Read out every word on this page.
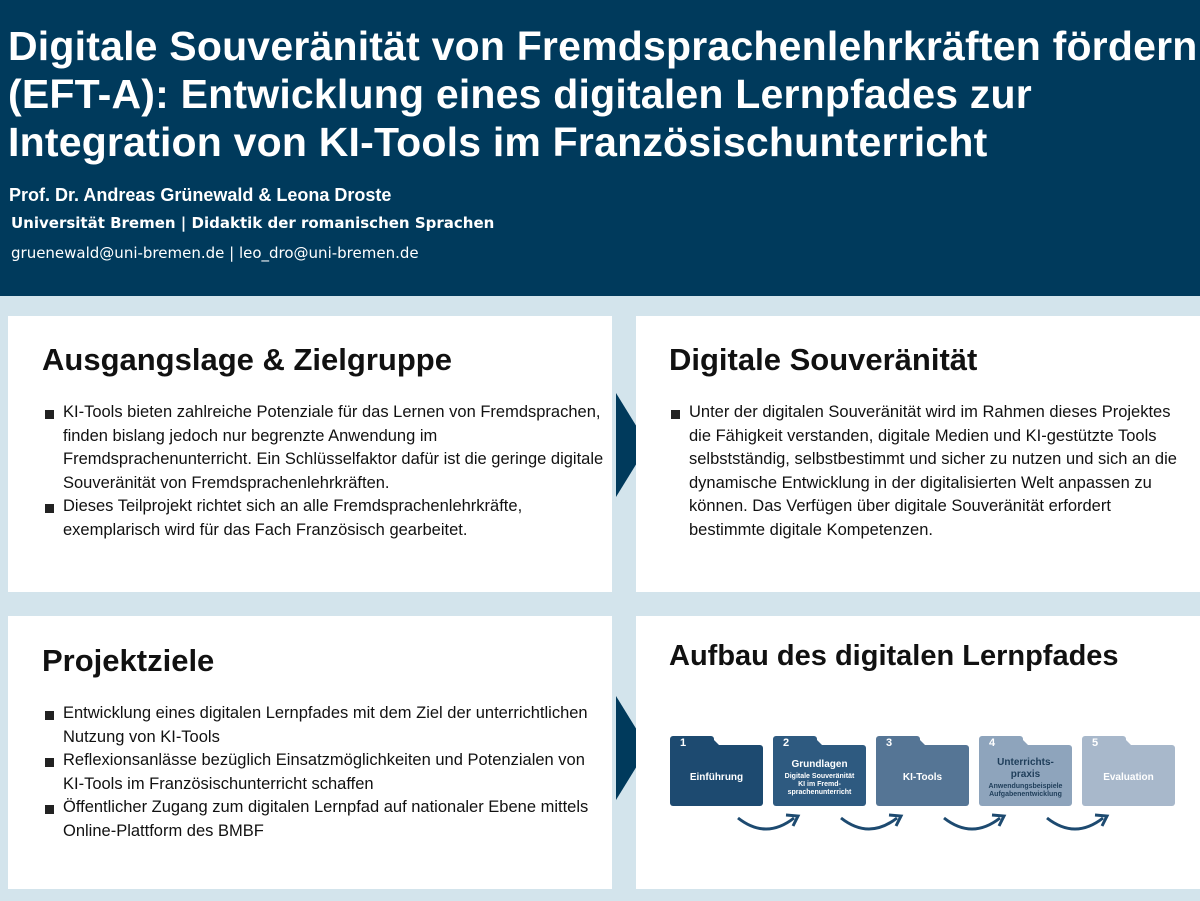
Digitale Souveränität von Fremdsprachenlehrkräften fördern (EFT-A): Entwicklung eines digitalen Lernpfades zur Integration von KI-Tools im Französischunterricht
Prof. Dr. Andreas Grünewald & Leona Droste
Universität Bremen | Didaktik der romanischen Sprachen
gruenewald@uni-bremen.de | leo_dro@uni-bremen.de
Ausgangslage & Zielgruppe
KI-Tools bieten zahlreiche Potenziale für das Lernen von Fremdsprachen, finden bislang jedoch nur begrenzte Anwendung im Fremdsprachenunterricht. Ein Schlüsselfaktor dafür ist die geringe digitale Souveränität von Fremdsprachenlehrkräften.
Dieses Teilprojekt richtet sich an alle Fremdsprachenlehrkräfte, exemplarisch wird für das Fach Französisch gearbeitet.
Digitale Souveränität
Unter der digitalen Souveränität wird im Rahmen dieses Projektes die Fähigkeit verstanden, digitale Medien und KI-gestützte Tools selbstständig, selbstbestimmt und sicher zu nutzen und sich an die dynamische Entwicklung in der digitalisierten Welt anpassen zu können. Das Verfügen über digitale Souveränität erfordert bestimmte digitale Kompetenzen.
Projektziele
Entwicklung eines digitalen Lernpfades mit dem Ziel der unterrichtlichen Nutzung von KI-Tools
Reflexionsanlässe bezüglich Einsatzmöglichkeiten und Potenzialen von KI-Tools im Französischunterricht schaffen
Öffentlicher Zugang zum digitalen Lernpfad auf nationaler Ebene mittels Online-Plattform des BMBF
Aufbau des digitalen Lernpfades
1
Einführung
2
Grundlagen
Digitale Souveränität KI im Fremd- sprachenunterricht
3
KI-Tools
4
Unterrichts- praxis
Anwendungsbeispiele Aufgabenentwicklung
5
Evaluation
